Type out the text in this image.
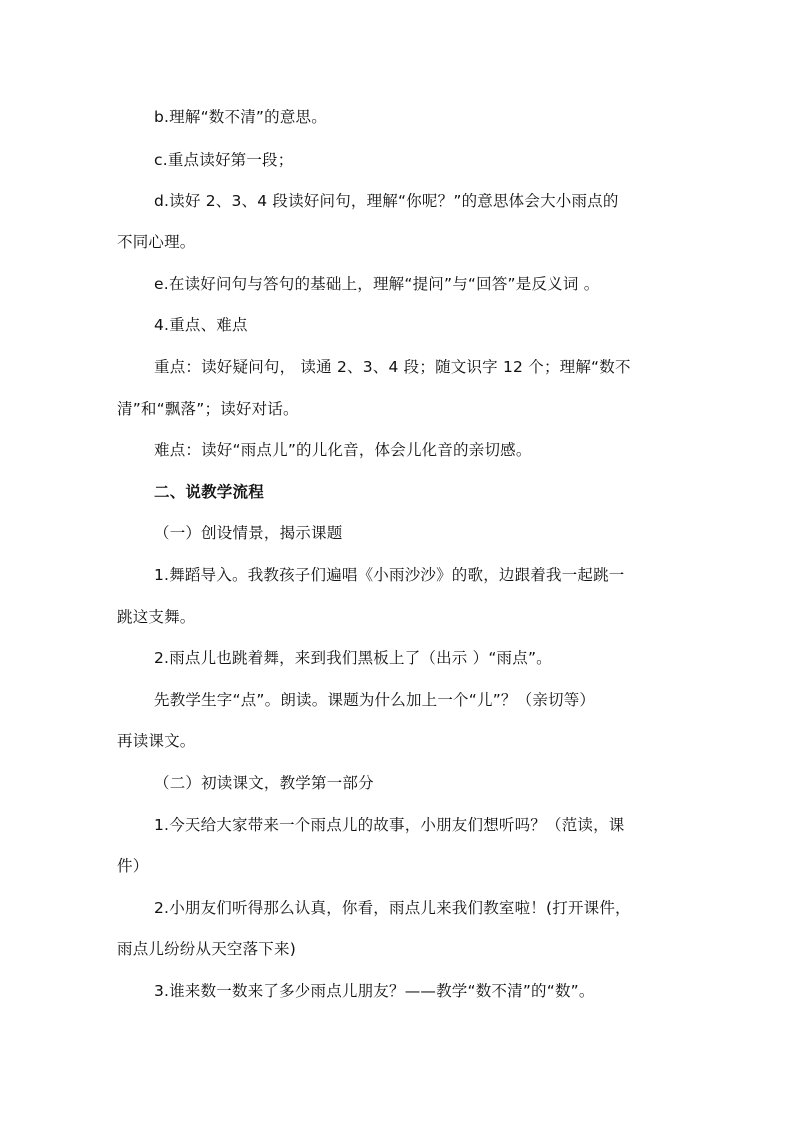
b.理解“数不清”的意思。
c.重点读好第一段；
d.读好 2、3、4 段读好问句，理解“你呢？”的意思体会大小雨点的
不同心理。
e.在读好问句与答句的基础上，理解“提问”与“回答”是反义词 。
4.重点、难点
重点：读好疑问句， 读通 2、3、4 段；随文识字 12 个；理解“数不
清”和“飘落”；读好对话。
难点：读好“雨点儿”的儿化音，体会儿化音的亲切感。
二、说教学流程
（一）创设情景，揭示课题
1.舞蹈导入。我教孩子们遍唱《小雨沙沙》的歌，边跟着我一起跳一
跳这支舞。
2.雨点儿也跳着舞，来到我们黑板上了（出示 ）“雨点”。
先教学生字“点”。朗读。课题为什么加上一个“儿”？（亲切等）
再读课文。
（二）初读课文，教学第一部分
1.今天给大家带来一个雨点儿的故事，小朋友们想听吗？（范读，课
件）
2.小朋友们听得那么认真，你看，雨点儿来我们教室啦！(打开课件，
雨点儿纷纷从天空落下来)
3.谁来数一数来了多少雨点儿朋友？——教学“数不清”的“数”。
